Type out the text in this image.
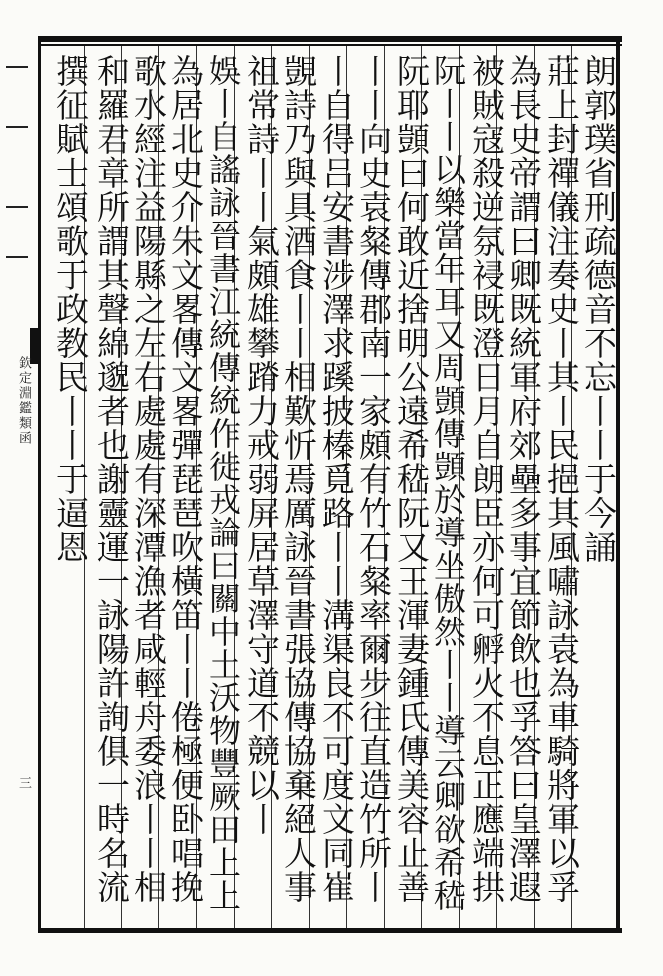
欽定淵鑑類函
三
朗郭璞省刑疏德音不忘丨丨于今誦
莊上封禪儀注奏史丨其丨民挹其風嘯詠袁為車騎將軍以孚
為長史帝謂曰卿既統軍府郊壘多事宜節飲也孚答曰皇澤遐
被賊寇殺逆氛祲既澄日月自朗臣亦何可孵火不息正應端拱
阮丨丨以樂當年耳又周顗傳顗於導坐傲然丨丨導云卿欲希嵇
阮耶顗曰何敢近捨明公遠希嵇阮又王渾妻鍾氏傳美容止善
丨丨向史袁粲傳郡南一家頗有竹石粲率爾步往直造竹所丨
丨自得吕安書涉澤求蹊披榛覓路丨丨溝渠良不可度文同崔
覬詩乃與具酒食丨丨相歎忻焉厲詠晉書張協傳協棄絕人事
祖常詩丨丨氣頗雄攀蹐力戒弱屏居草澤守道不競以丨
娛丨自謠詠晉書江統傳統作徙戎論曰關中土沃物豐厥田上上
為居北史介朱文畧傳文畧彈琵琶吹橫笛丨丨倦極便卧唱挽
歌水經注益陽縣之左右處處有深潭漁者咸輕舟委浪丨丨相
和羅君章所謂其聲綿邈者也謝靈運一詠陽許詢俱一時名流
撰征賦士頌歌于政教民丨丨于逼恩
